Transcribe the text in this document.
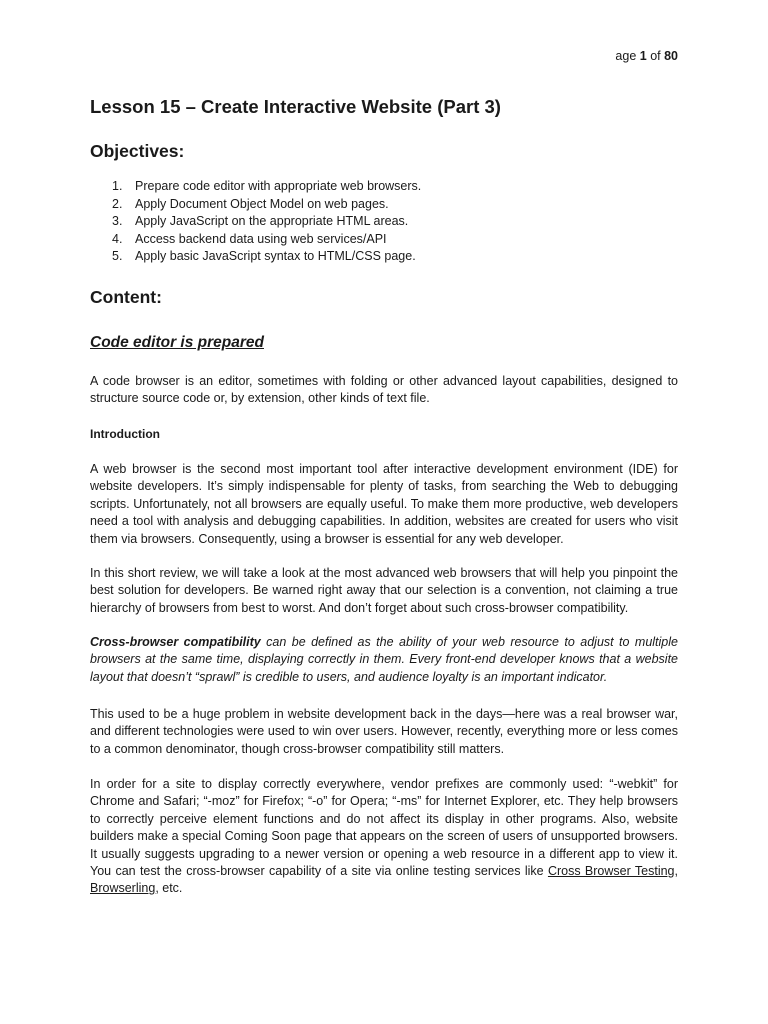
age 1 of 80
Lesson 15 – Create Interactive Website (Part 3)
Objectives:
1. Prepare code editor with appropriate web browsers.
2. Apply Document Object Model on web pages.
3. Apply JavaScript on the appropriate HTML areas.
4. Access backend data using web services/API
5. Apply basic JavaScript syntax to HTML/CSS page.
Content:
Code editor is prepared

A code browser is an editor, sometimes with folding or other advanced layout capabilities, designed to structure source code or, by extension, other kinds of text file.

Introduction

A web browser is the second most important tool after interactive development environment (IDE) for website developers. It’s simply indispensable for plenty of tasks, from searching the Web to debugging scripts. Unfortunately, not all browsers are equally useful. To make them more productive, web developers need a tool with analysis and debugging capabilities. In addition, websites are created for users who visit them via browsers. Consequently, using a browser is essential for any web developer.

In this short review, we will take a look at the most advanced web browsers that will help you pinpoint the best solution for developers. Be warned right away that our selection is a convention, not claiming a true hierarchy of browsers from best to worst. And don’t forget about such cross-browser compatibility.

Cross-browser compatibility can be defined as the ability of your web resource to adjust to multiple browsers at the same time, displaying correctly in them. Every front-end developer knows that a website layout that doesn’t “sprawl” is credible to users, and audience loyalty is an important indicator.

This used to be a huge problem in website development back in the days—here was a real browser war, and different technologies were used to win over users. However, recently, everything more or less comes to a common denominator, though cross-browser compatibility still matters.

In order for a site to display correctly everywhere, vendor prefixes are commonly used: “-webkit” for Chrome and Safari; “-moz” for Firefox; “-o” for Opera; “-ms” for Internet Explorer, etc. They help browsers to correctly perceive element functions and do not affect its display in other programs. Also, website builders make a special Coming Soon page that appears on the screen of users of unsupported browsers. It usually suggests upgrading to a newer version or opening a web resource in a different app to view it. You can test the cross-browser capability of a site via online testing services like Cross Browser Testing, Browserling, etc.
